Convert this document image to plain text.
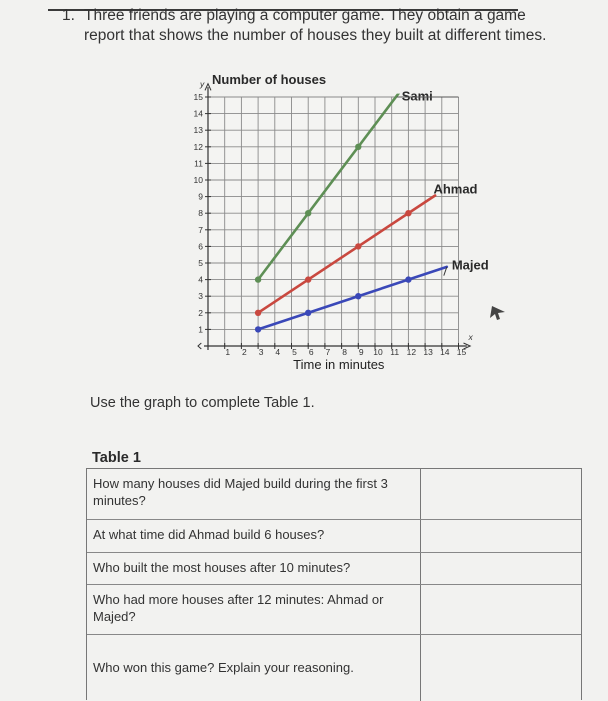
1. Three friends are playing a computer game. They obtain a game
report that shows the number of houses they built at different times.
1
2
3
4
5
6
7
8
9
10
11
12
13
14
15
1 2 3 4 5 6 7 8 9 10 11 12 13 14 15
y
x
Number of houses
Time in minutes
Sami
Ahmad
Majed
Use the graph to complete Table 1.
Table 1
How many houses did Majed build during the first 3 minutes?
At what time did Ahmad build 6 houses?
Who built the most houses after 10 minutes?
Who had more houses after 12 minutes: Ahmad or Majed?
Who won this game? Explain your reasoning.
